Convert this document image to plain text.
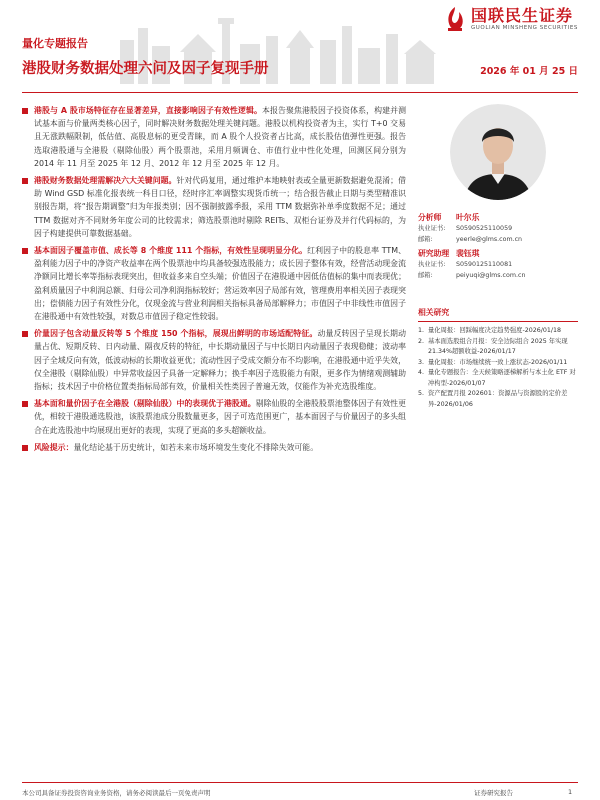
国联民生证券
GUOLIAN MINSHENG SECURITIES
量化专题报告
港股财务数据处理六问及因子复现手册	2026 年 01 月 25 日
港股与 A 股市场特征存在显著差异，直接影响因子有效性逻辑。本报告聚焦港股因子投资体系，构建并测试基本面与价量两类核心因子，同时解决财务数据处理关键问题。港股以机构投资者为主，实行 T+0 交易且无涨跌幅限制，低估值、高股息标的更受青睐，而 A 股个人投资者占比高，成长股估值弹性更强。报告选取港股通与全港股（剔除仙股）两个股票池，采用月频调仓、市值行业中性化处理，回测区间分别为 2014 年 11 月至 2025 年 12 月、2012 年 12 月至 2025 年 12 月。
港股财务数据处理需解决六大关键问题。针对代码复用，通过维护本地映射表或全量更新数据避免混淆；借助 Wind GSD 标准化报表统一科目口径，经时序汇率调整实现货币统一；结合报告截止日期与类型精准识别报告期，将“报告期调整”归为年报类别；因不强制披露季报，采用 TTM 数据弥补单季度数据不足；通过 TTM 数据对齐不同财务年度公司的比较需求；筛选股票池时剔除 REITs、双柜台证券及并行代码标的，为因子构建提供可靠数据基础。
基本面因子覆盖市值、成长等 8 个维度 111 个指标，有效性呈现明显分化。红利因子中的股息率 TTM、盈利能力因子中的净资产收益率在两个股票池中均具备较强选股能力；成长因子整体有效，经营活动现金流净额同比增长率等指标表现突出，但收益多来自空头端；价值因子在港股通中因低估值标的集中而表现优；盈利质量因子中利润总额、归母公司净利润指标较好；营运效率因子局部有效，管理费用率相关因子表现突出；偿债能力因子有效性分化，仅现金流与营业利润相关指标具备局部解释力；市值因子中非线性市值因子在港股通中有效性较强，对数总市值因子稳定性较弱。
价量因子包含动量反转等 5 个维度 150 个指标，展现出鲜明的市场适配特征。动量反转因子呈现长期动量占优、短期反转、日内动量、隔夜反转的特征，中长期动量因子与中长期日内动量因子表现稳健；波动率因子全域反向有效，低波动标的长期收益更优；流动性因子受成交额分布不均影响，在港股通中近乎失效，仅全港股（剔除仙股）中异常收益因子具备一定解释力；换手率因子选股能力有限，更多作为情绪观测辅助指标；技术因子中价格位置类指标局部有效，价量相关性类因子普遍无效，仅能作为补充选股维度。
基本面和量价因子在全港股（剔除仙股）中的表现优于港股通。剔除仙股的全港股股票池整体因子有效性更优，相较于港股通选股池，该股票池成分股数量更多，因子可选范围更广，基本面因子与价量因子的多头组合在此选股池中均展现出更好的表现，实现了更高的多头超额收益。
风险提示：量化结论基于历史统计，如若未来市场环境发生变化不排除失效可能。
分析师	叶尔乐
执业证书:	S0590525110059
邮箱:	yeerle@glms.com.cn
研究助理 裴钰琪
执业证书:	S0590125110081
邮箱:	peiyuqi@glms.com.cn
相关研究
1. 量化周报：回踩幅度决定趋势强度-2026/01/18
2. 基本面选股组合月报：安全边际组合 2025 年实现 21.34%超额收益-2026/01/17
3. 量化周报：市场继续统一致上涨状态-2026/01/11
4. 量化专题报告：全天候策略逐梯解析与本土化 ETF 对冲构型-2026/01/07
5. 资产配置月报 202601：资源品与资源股的定价差异-2026/01/06
本公司具备证券投资咨询业务资格，请务必阅读最后一页免责声明	证券研究报告	1
